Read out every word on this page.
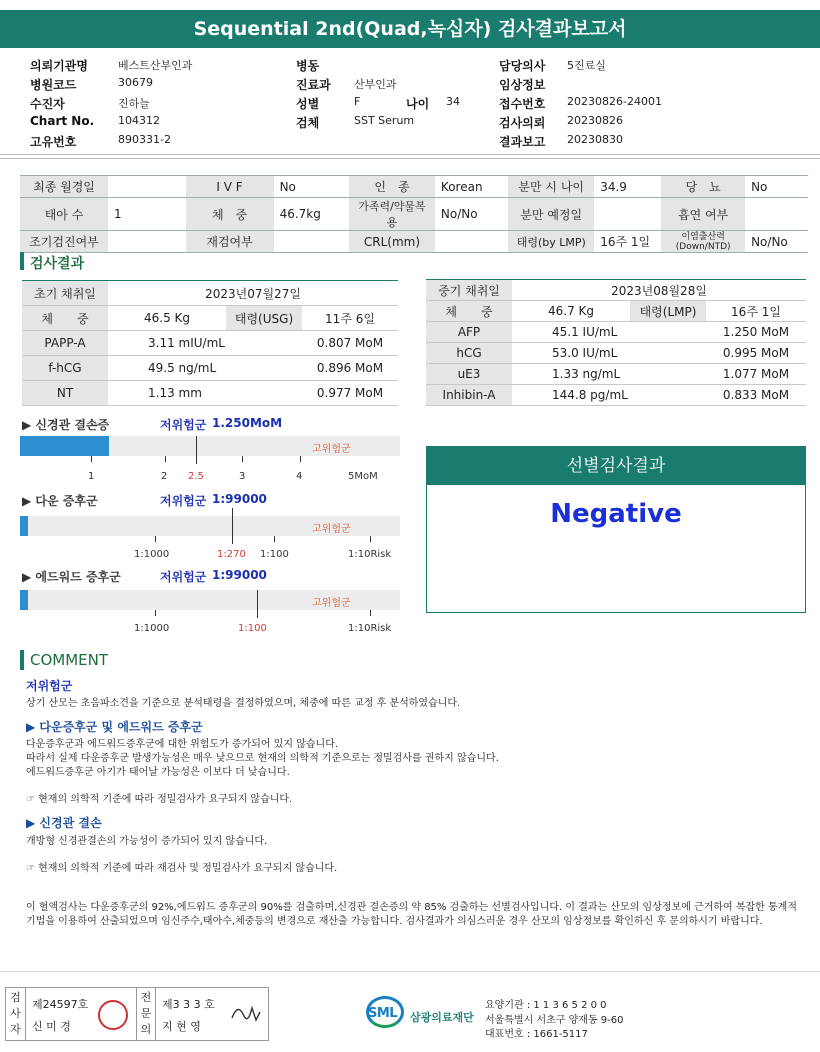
Sequential 2nd(Quad,녹십자) 검사결과보고서
의뢰기관명	베스트산부인과
병원코드	30679
수진자	진하늘
Chart No.	104312
고유번호	890331-2
병동
진료과	산부인과
성별	F	나이	34
검체	SST Serum
담당의사	5진료실
임상정보
접수번호	20230826-24001
검사의뢰	20230826
결과보고	20230830
최종 월경일		I V F	No	인　종	Korean	분만 시 나이	34.9	당　뇨	No
태아 수	1	체　중	46.7kg	가족력/약물복용	No/No	분만 예정일		흡연 여부	
조기검진여부		재검여부		CRL(mm)		태령(by LMP)	16주 1일	이염출산력 (Down/NTD)	No/No
검사결과
초기 채취일	2023년07월27일		
체　　중	46.5 Kg	태령(USG)	11주 6일
PAPP-A	3.11 mIU/mL		0.807 MoM
f-hCG	49.5 ng/mL		0.896 MoM
NT	1.13 mm		0.977 MoM
중기 채취일	2023년08월28일		
체　　중	46.7 Kg	태령(LMP)	16주 1일
AFP	45.1 IU/mL		1.250 MoM
hCG	53.0 IU/mL		0.995 MoM
uE3	1.33 ng/mL		1.077 MoM
Inhibin-A	144.8 pg/mL		0.833 MoM
▶ 신경관 결손증	저위험군 1.250MoM
고위험군
1	2 2.5	3	4	5MoM
▶ 다운 증후군	저위험군 1:99000
고위험군
1:1000	1:270 1:100	1:10Risk
▶ 에드워드 증후군	저위험군 1:99000
고위험군
1:1000	1:100	1:10Risk
선별검사결과
Negative
COMMENT
저위험군
상기 산모는 초음파소견을 기준으로 분석태령을 결정하였으며, 체중에 따른 교정 후 분석하였습니다.
▶ 다운증후군 및 에드워드 증후군
다운증후군과 에드워드증후군에 대한 위험도가 증가되어 있지 않습니다.
따라서 실제 다운증후군 발생가능성은 매우 낮으므로 현재의 의학적 기준으로는 정밀검사를 권하지 않습니다.
에드워드증후군 아기가 태어날 가능성은 이보다 더 낮습니다.
☞ 현재의 의학적 기준에 따라 정밀검사가 요구되지 않습니다.
▶ 신경관 결손
개방형 신경관결손의 가능성이 증가되어 있지 않습니다.
☞ 현재의 의학적 기준에 따라 재검사 및 정밀검사가 요구되지 않습니다.
이 혈액검사는 다운증후군의 92%,에드워드 증후군의 90%를 검출하며,신경관 결손증의 약 85% 검출하는 선별검사입니다. 이 결과는 산모의 임상정보에 근거하여 복잡한 통계적 기법을 이용하여 산출되었으며 임신주수,태아수,체중등의 변경으로 재산출 가능합니다. 검사결과가 의심스러운 경우 산모의 임상정보를 확인하신 후 문의하시기 바랍니다.
검사자
제24597호
신 미 경
전문의
제3 3 3 호
지 현 영
SML 삼광의료재단
요양기관 : 1 1 3 6 5 2 0 0
서울특별시 서초구 양재동 9-60
대표번호 : 1661-5117
